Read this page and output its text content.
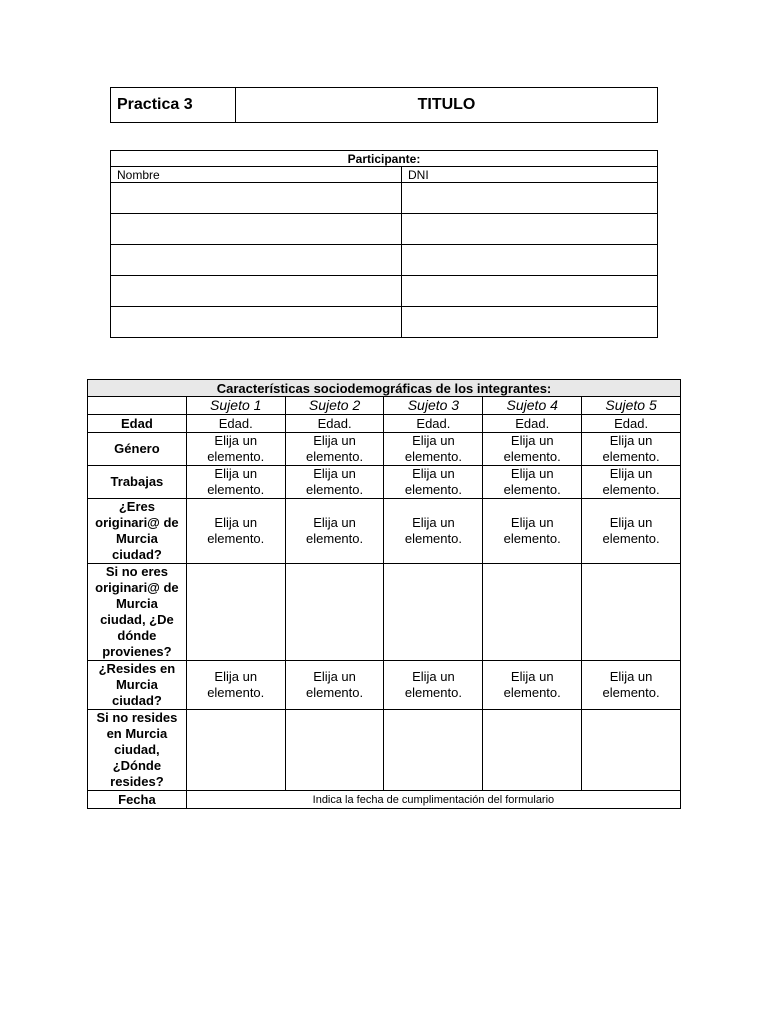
Practica 3	TITULO
Participante:	
Nombre	DNI

Características sociodemográficas de los integrantes:					
	Sujeto 1	Sujeto 2	Sujeto 3	Sujeto 4	Sujeto 5
Edad	Edad.	Edad.	Edad.	Edad.	Edad.
Género	Elija un elemento.	Elija un elemento.	Elija un elemento.	Elija un elemento.	Elija un elemento.
Trabajas	Elija un elemento.	Elija un elemento.	Elija un elemento.	Elija un elemento.	Elija un elemento.
¿Eres originari@ de Murcia ciudad?	Elija un elemento.	Elija un elemento.	Elija un elemento.	Elija un elemento.	Elija un elemento.
Si no eres originari@ de Murcia ciudad, ¿De dónde provienes?					
¿Resides en Murcia ciudad?	Elija un elemento.	Elija un elemento.	Elija un elemento.	Elija un elemento.	Elija un elemento.
Si no resides en Murcia ciudad, ¿Dónde resides?					
Fecha	Indica la fecha de cumplimentación del formulario				
